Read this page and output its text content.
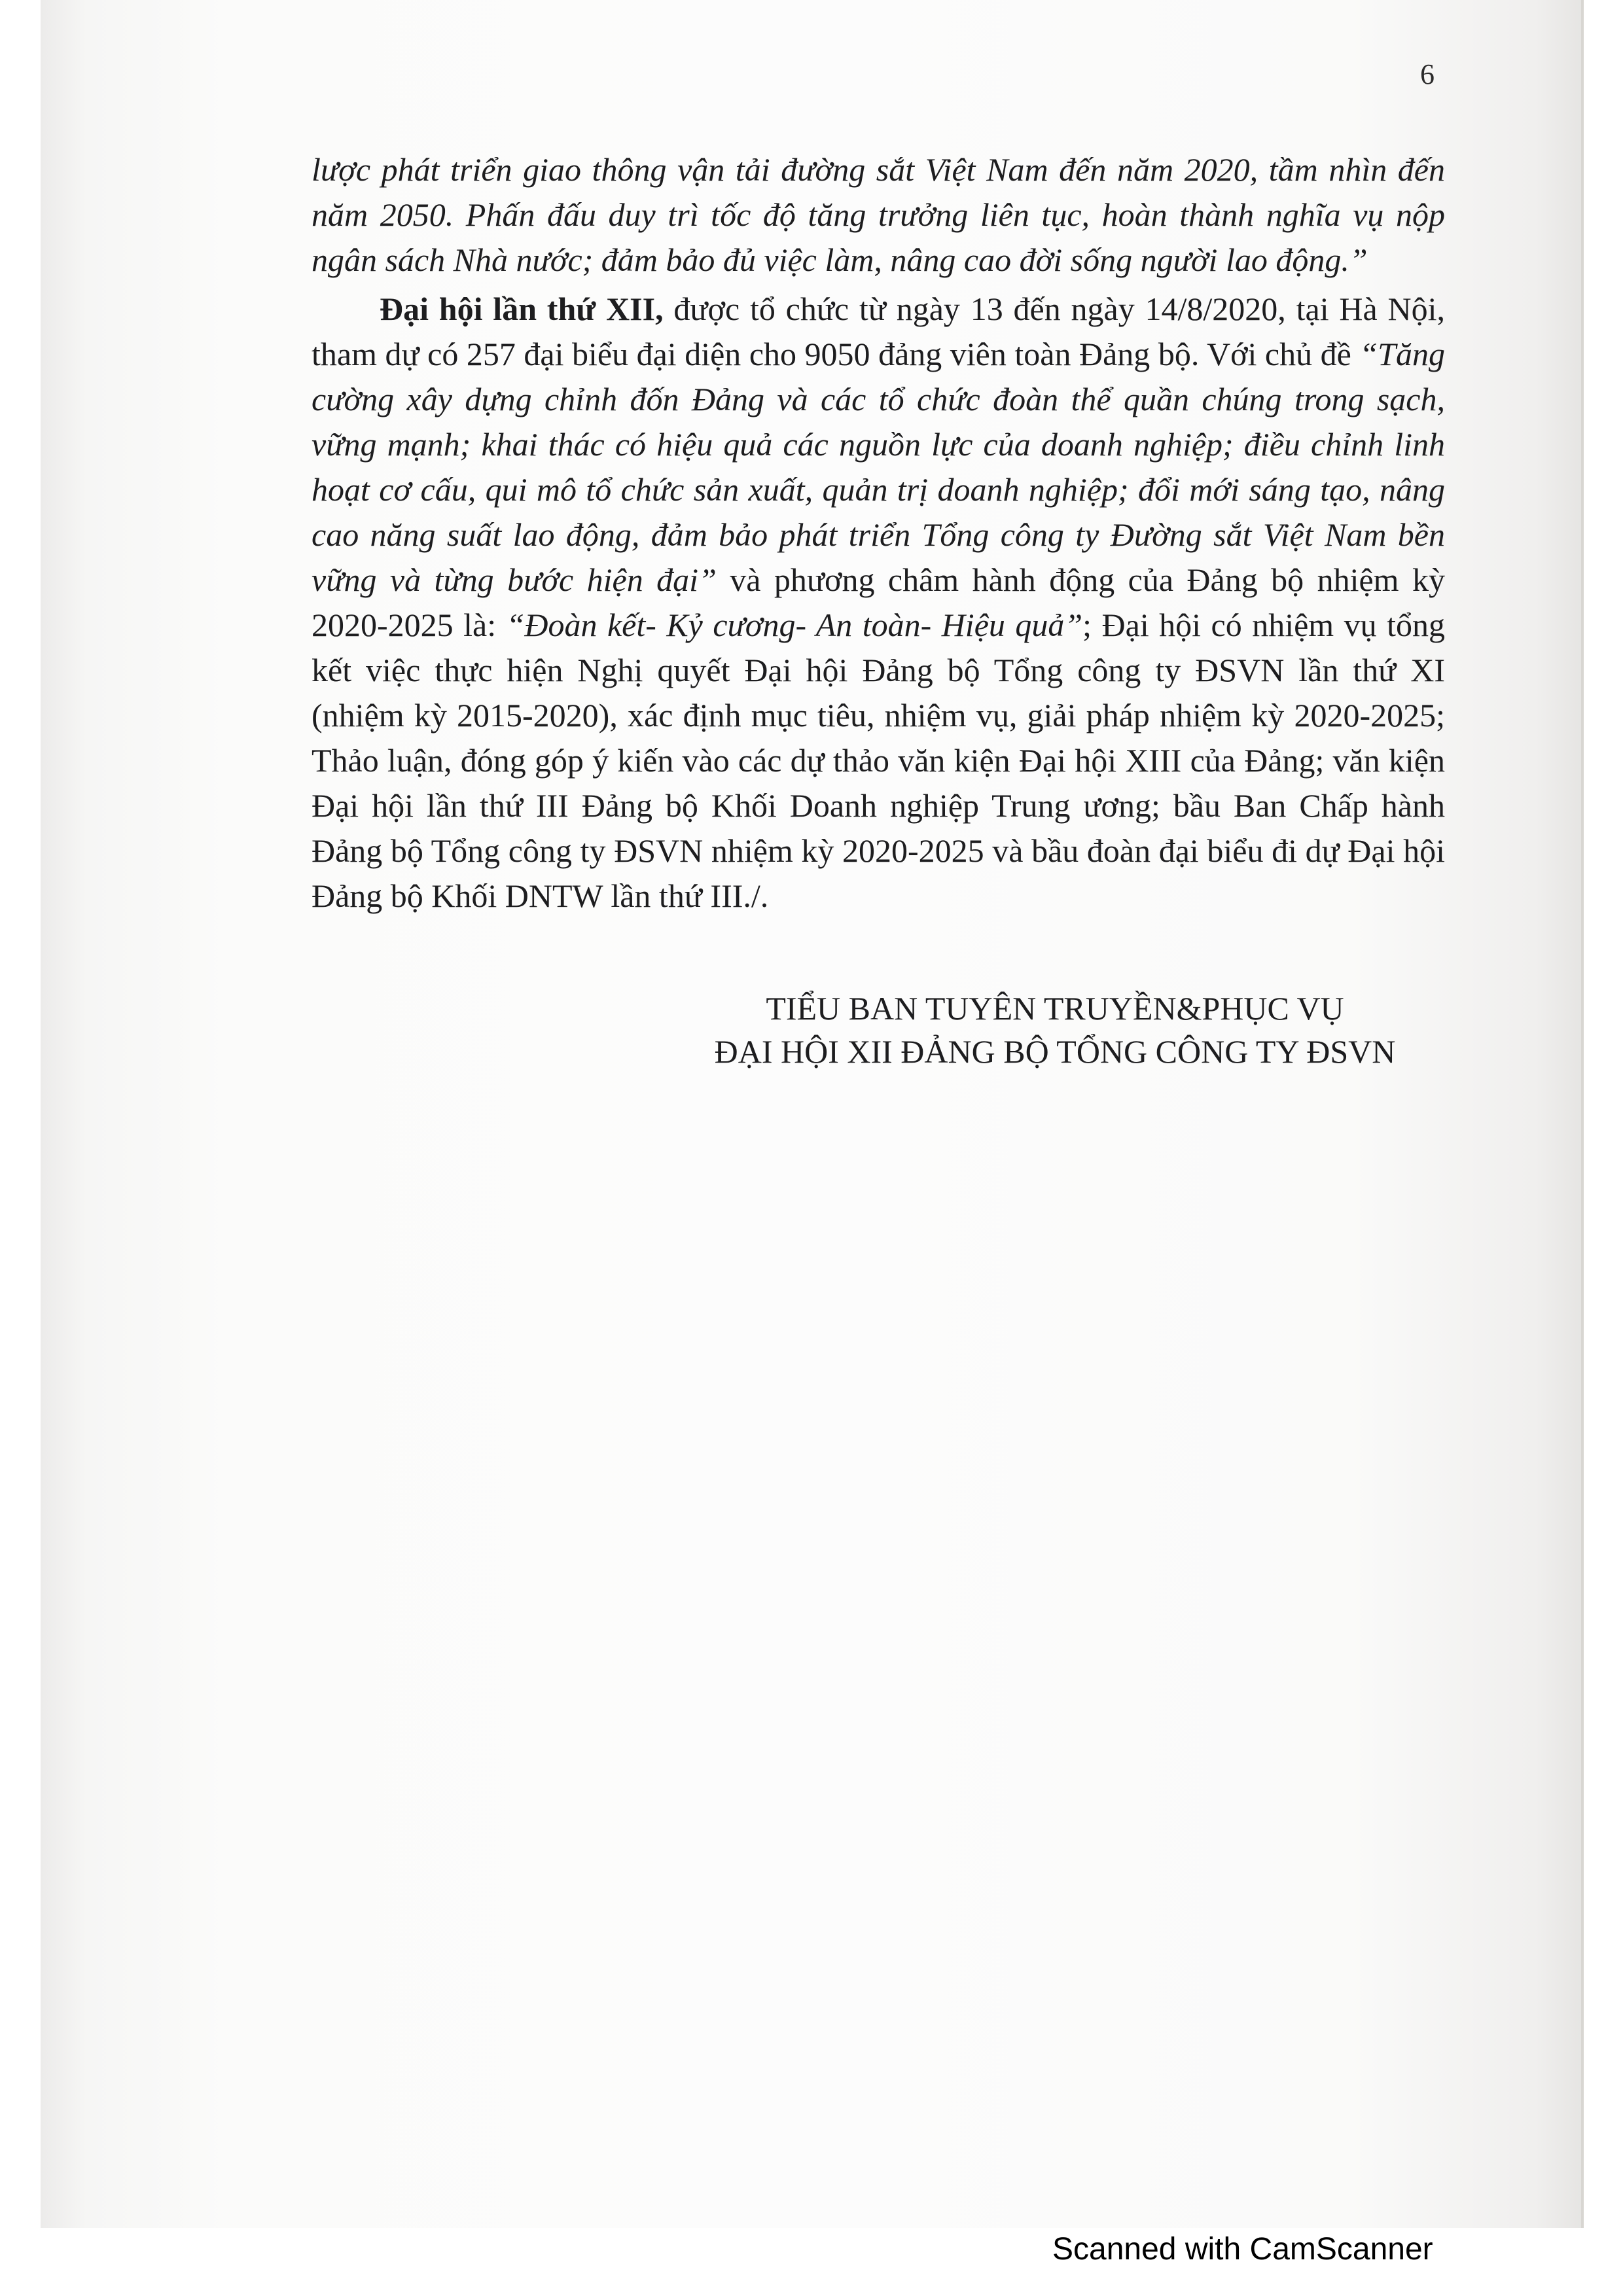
6

lược phát triển giao thông vận tải đường sắt Việt Nam đến năm 2020, tầm nhìn đến năm 2050. Phấn đấu duy trì tốc độ tăng trưởng liên tục, hoàn thành nghĩa vụ nộp ngân sách Nhà nước; đảm bảo đủ việc làm, nâng cao đời sống người lao động.”

Đại hội lần thứ XII, được tổ chức từ ngày 13 đến ngày 14/8/2020, tại Hà Nội, tham dự có 257 đại biểu đại diện cho 9050 đảng viên toàn Đảng bộ. Với chủ đề “Tăng cường xây dựng chỉnh đốn Đảng và các tổ chức đoàn thể quần chúng trong sạch, vững mạnh; khai thác có hiệu quả các nguồn lực của doanh nghiệp; điều chỉnh linh hoạt cơ cấu, qui mô tổ chức sản xuất, quản trị doanh nghiệp; đổi mới sáng tạo, nâng cao năng suất lao động, đảm bảo phát triển Tổng công ty Đường sắt Việt Nam bền vững và từng bước hiện đại” và phương châm hành động của Đảng bộ nhiệm kỳ 2020-2025 là: “Đoàn kết- Kỷ cương- An toàn- Hiệu quả”; Đại hội có nhiệm vụ tổng kết việc thực hiện Nghị quyết Đại hội Đảng bộ Tổng công ty ĐSVN lần thứ XI (nhiệm kỳ 2015-2020), xác định mục tiêu, nhiệm vụ, giải pháp nhiệm kỳ 2020-2025; Thảo luận, đóng góp ý kiến vào các dự thảo văn kiện Đại hội XIII của Đảng; văn kiện Đại hội lần thứ III Đảng bộ Khối Doanh nghiệp Trung ương; bầu Ban Chấp hành Đảng bộ Tổng công ty ĐSVN nhiệm kỳ 2020-2025 và bầu đoàn đại biểu đi dự Đại hội Đảng bộ Khối DNTW lần thứ III./.

TIỂU BAN TUYÊN TRUYỀN&PHỤC VỤ
ĐẠI HỘI XII ĐẢNG BỘ TỔNG CÔNG TY ĐSVN
Scanned with CamScanner
